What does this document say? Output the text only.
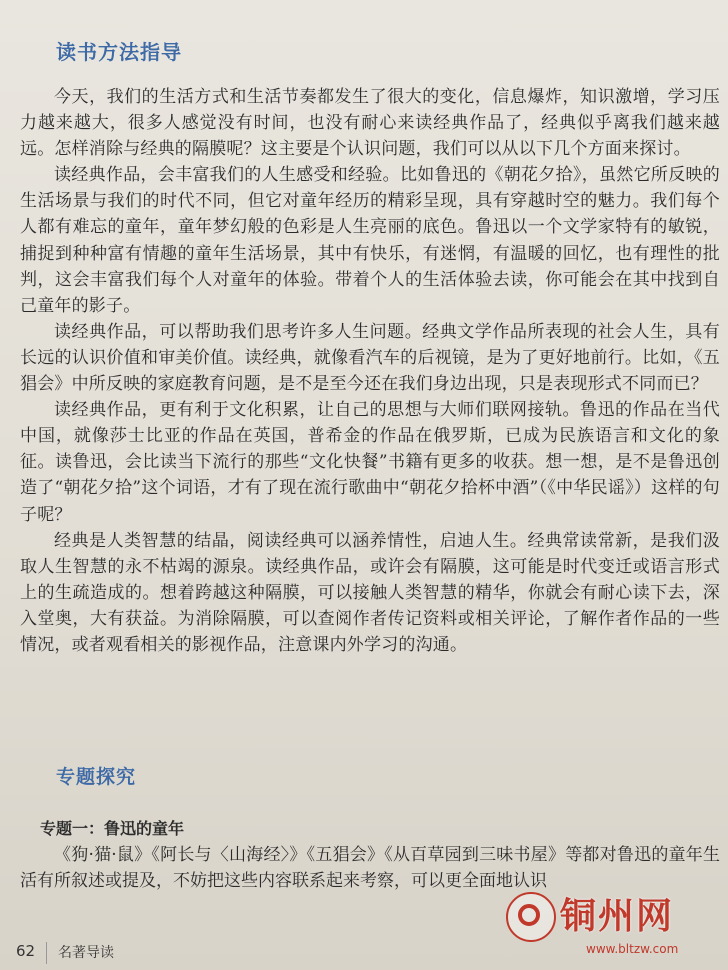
读书方法指导

今天，我们的生活方式和生活节奏都发生了很大的变化，信息爆炸，知识激增，学习压力越来越大，很多人感觉没有时间，也没有耐心来读经典作品了，经典似乎离我们越来越远。怎样消除与经典的隔膜呢？这主要是个认识问题，我们可以从以下几个方面来探讨。

读经典作品，会丰富我们的人生感受和经验。比如鲁迅的《朝花夕拾》，虽然它所反映的生活场景与我们的时代不同，但它对童年经历的精彩呈现，具有穿越时空的魅力。我们每个人都有难忘的童年，童年梦幻般的色彩是人生亮丽的底色。鲁迅以一个文学家特有的敏锐，捕捉到种种富有情趣的童年生活场景，其中有快乐，有迷惘，有温暖的回忆，也有理性的批判，这会丰富我们每个人对童年的体验。带着个人的生活体验去读，你可能会在其中找到自己童年的影子。

读经典作品，可以帮助我们思考许多人生问题。经典文学作品所表现的社会人生，具有长远的认识价值和审美价值。读经典，就像看汽车的后视镜，是为了更好地前行。比如，《五猖会》中所反映的家庭教育问题，是不是至今还在我们身边出现，只是表现形式不同而已？

读经典作品，更有利于文化积累，让自己的思想与大师们联网接轨。鲁迅的作品在当代中国，就像莎士比亚的作品在英国，普希金的作品在俄罗斯，已成为民族语言和文化的象征。读鲁迅，会比读当下流行的那些“文化快餐”书籍有更多的收获。想一想，是不是鲁迅创造了“朝花夕拾”这个词语，才有了现在流行歌曲中“朝花夕拾杯中酒”（《中华民谣》）这样的句子呢？

经典是人类智慧的结晶，阅读经典可以涵养情性，启迪人生。经典常读常新，是我们汲取人生智慧的永不枯竭的源泉。读经典作品，或许会有隔膜，这可能是时代变迁或语言形式上的生疏造成的。想着跨越这种隔膜，可以接触人类智慧的精华，你就会有耐心读下去，深入堂奥，大有获益。为消除隔膜，可以查阅作者传记资料或相关评论，了解作者作品的一些情况，或者观看相关的影视作品，注意课内外学习的沟通。

专题探究
专题一：鲁迅的童年

《狗·猫·鼠》《阿长与〈山海经〉》《五猖会》《从百草园到三味书屋》等都对鲁迅的童年生活有所叙述或提及，不妨把这些内容联系起来考察，可以更全面地认识

62 名著导读
铜州网
www.bltzw.com
